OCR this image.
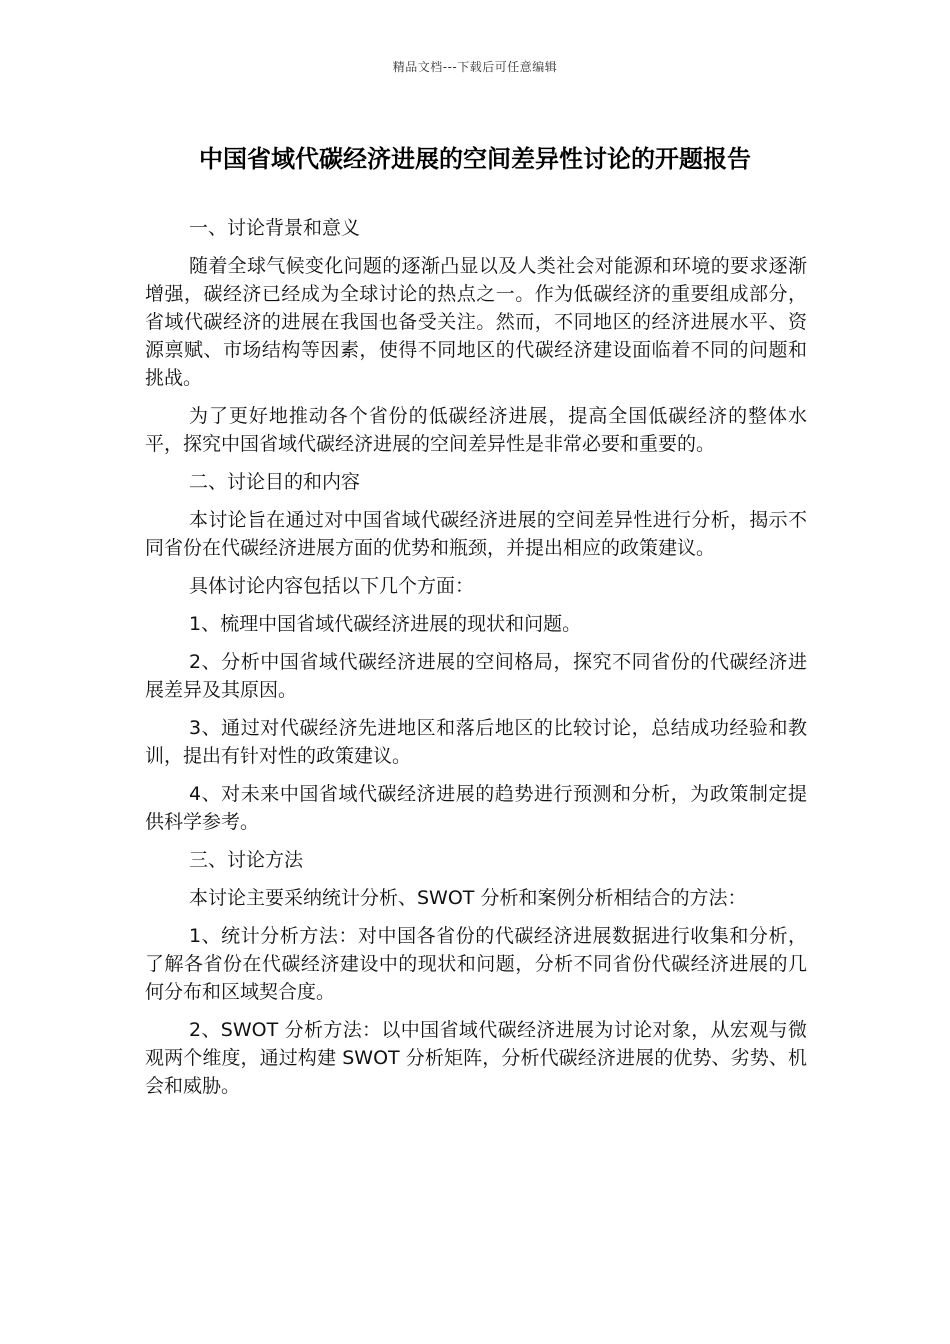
精品文档---下载后可任意编辑
中国省域代碳经济进展的空间差异性讨论的开题报告

一、讨论背景和意义

随着全球气候变化问题的逐渐凸显以及人类社会对能源和环境的要求逐渐增强，碳经济已经成为全球讨论的热点之一。作为低碳经济的重要组成部分，省域代碳经济的进展在我国也备受关注。然而，不同地区的经济进展水平、资源禀赋、市场结构等因素，使得不同地区的代碳经济建设面临着不同的问题和挑战。

为了更好地推动各个省份的低碳经济进展，提高全国低碳经济的整体水平，探究中国省域代碳经济进展的空间差异性是非常必要和重要的。

二、讨论目的和内容

本讨论旨在通过对中国省域代碳经济进展的空间差异性进行分析，揭示不同省份在代碳经济进展方面的优势和瓶颈，并提出相应的政策建议。

具体讨论内容包括以下几个方面：

1、梳理中国省域代碳经济进展的现状和问题。

2、分析中国省域代碳经济进展的空间格局，探究不同省份的代碳经济进展差异及其原因。

3、通过对代碳经济先进地区和落后地区的比较讨论，总结成功经验和教训，提出有针对性的政策建议。

4、对未来中国省域代碳经济进展的趋势进行预测和分析，为政策制定提供科学参考。

三、讨论方法

本讨论主要采纳统计分析、SWOT 分析和案例分析相结合的方法：

1、统计分析方法：对中国各省份的代碳经济进展数据进行收集和分析，了解各省份在代碳经济建设中的现状和问题，分析不同省份代碳经济进展的几何分布和区域契合度。

2、SWOT 分析方法：以中国省域代碳经济进展为讨论对象，从宏观与微观两个维度，通过构建 SWOT 分析矩阵，分析代碳经济进展的优势、劣势、机会和威胁。
